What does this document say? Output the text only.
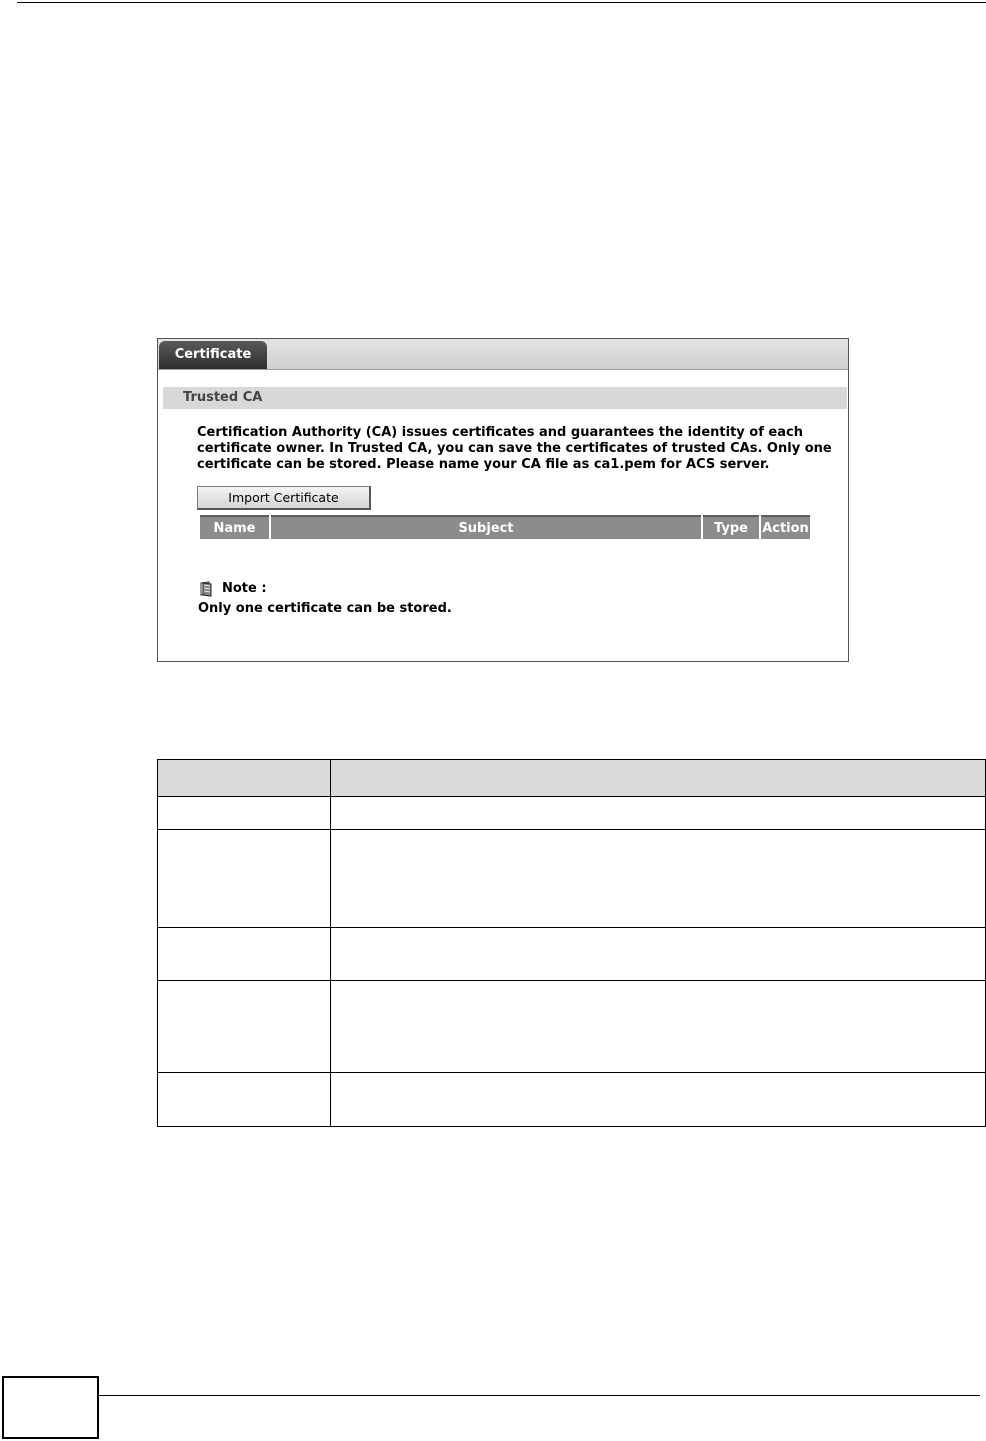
Certificate
Trusted CA
Certification Authority (CA) issues certificates and guarantees the identity of each certificate owner. In Trusted CA, you can save the certificates of trusted CAs. Only one certificate can be stored. Please name your CA file as ca1.pem for ACS server.
Import Certificate
Name	Subject	Type	Action
Note :
Only one certificate can be stored.
